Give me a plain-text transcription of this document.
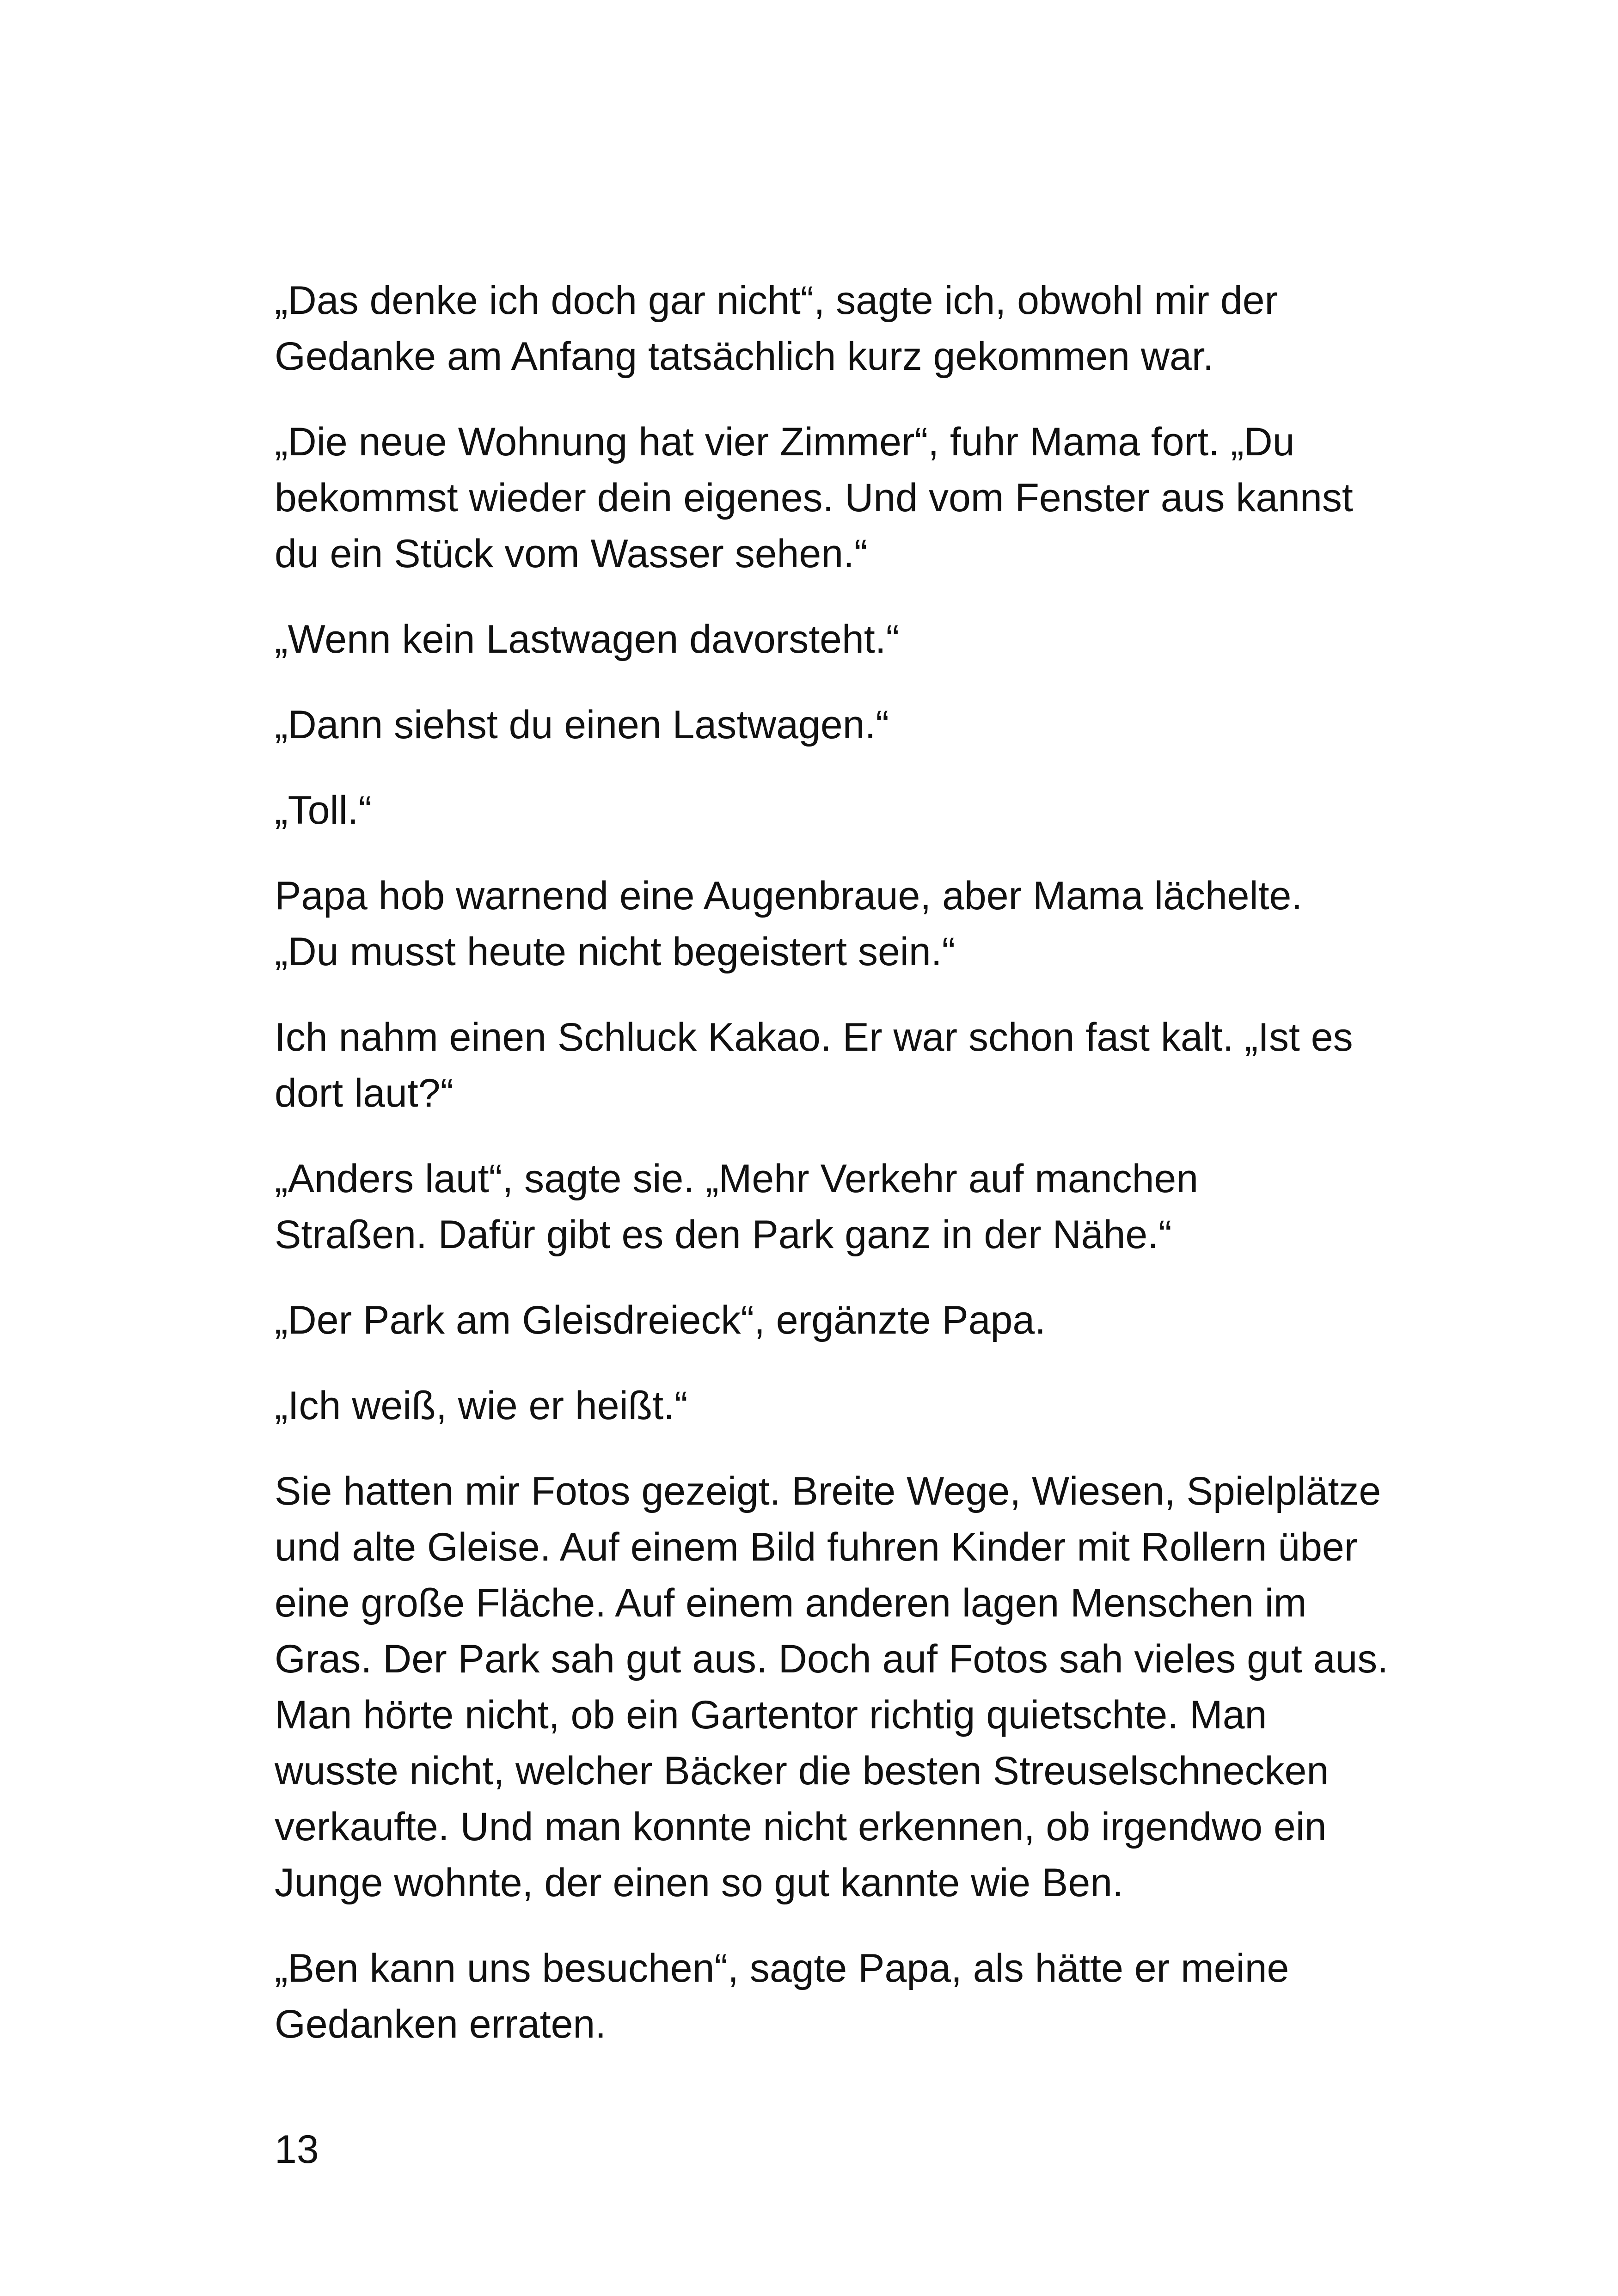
„Das denke ich doch gar nicht“, sagte ich, obwohl mir der
Gedanke am Anfang tatsächlich kurz gekommen war.

„Die neue Wohnung hat vier Zimmer“, fuhr Mama fort. „Du
bekommst wieder dein eigenes. Und vom Fenster aus kannst
du ein Stück vom Wasser sehen.“

„Wenn kein Lastwagen davorsteht.“

„Dann siehst du einen Lastwagen.“

„Toll.“

Papa hob warnend eine Augenbraue, aber Mama lächelte.
„Du musst heute nicht begeistert sein.“

Ich nahm einen Schluck Kakao. Er war schon fast kalt. „Ist es
dort laut?“

„Anders laut“, sagte sie. „Mehr Verkehr auf manchen
Straßen. Dafür gibt es den Park ganz in der Nähe.“

„Der Park am Gleisdreieck“, ergänzte Papa.

„Ich weiß, wie er heißt.“

Sie hatten mir Fotos gezeigt. Breite Wege, Wiesen, Spielplätze
und alte Gleise. Auf einem Bild fuhren Kinder mit Rollern über
eine große Fläche. Auf einem anderen lagen Menschen im
Gras. Der Park sah gut aus. Doch auf Fotos sah vieles gut aus.
Man hörte nicht, ob ein Gartentor richtig quietschte. Man
wusste nicht, welcher Bäcker die besten Streuselschnecken
verkaufte. Und man konnte nicht erkennen, ob irgendwo ein
Junge wohnte, der einen so gut kannte wie Ben.

„Ben kann uns besuchen“, sagte Papa, als hätte er meine
Gedanken erraten.

13
